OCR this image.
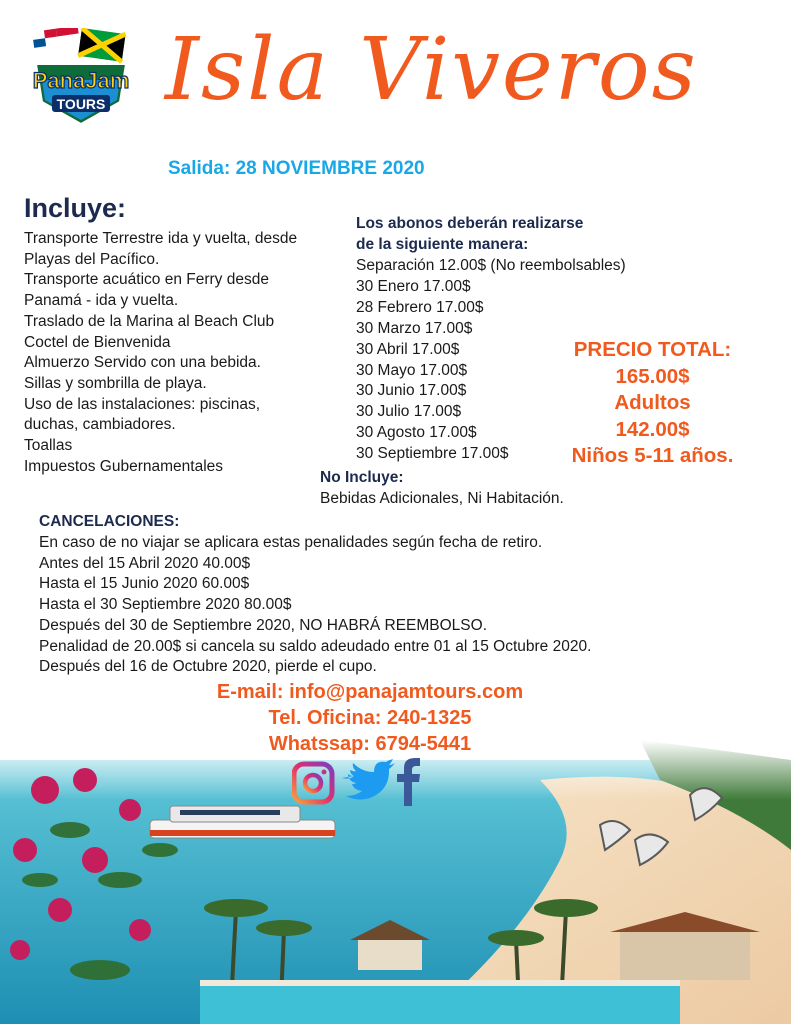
PanaJam
TOURS Isla Viveros
Salida: 28 NOVIEMBRE 2020
Incluye:
Transporte Terrestre ida y vuelta, desde
Playas del Pacífico.
Transporte acuático en Ferry desde
Panamá - ida y vuelta.
Traslado de la Marina al Beach Club
Coctel de Bienvenida
Almuerzo Servido con una bebida.
Sillas y sombrilla de playa.
Uso de las instalaciones: piscinas,
duchas, cambiadores.
Toallas
Impuestos Gubernamentales
Los abonos deberán realizarse
de la siguiente manera:
Separación 12.00$ (No reembolsables)
30 Enero 17.00$
28 Febrero 17.00$
30 Marzo 17.00$
30 Abril 17.00$
30 Mayo 17.00$
30 Junio 17.00$
30 Julio 17.00$
30 Agosto 17.00$
30 Septiembre 17.00$
PRECIO TOTAL:
165.00$
Adultos
142.00$
Niños 5-11 años.
No Incluye:
Bebidas Adicionales, Ni Habitación.
CANCELACIONES:
En caso de no viajar se aplicara estas penalidades según fecha de retiro.
Antes del 15 Abril 2020 40.00$
Hasta el 15 Junio 2020 60.00$
Hasta el 30 Septiembre 2020 80.00$
Después del 30 de Septiembre 2020, NO HABRÁ REEMBOLSO.
Penalidad de 20.00$ si cancela su saldo adeudado entre 01 al 15 Octubre 2020.
Después del 16 de Octubre 2020, pierde el cupo.
E-mail: info@panajamtours.com
Tel. Oficina: 240-1325
Whatssap: 6794-5441
